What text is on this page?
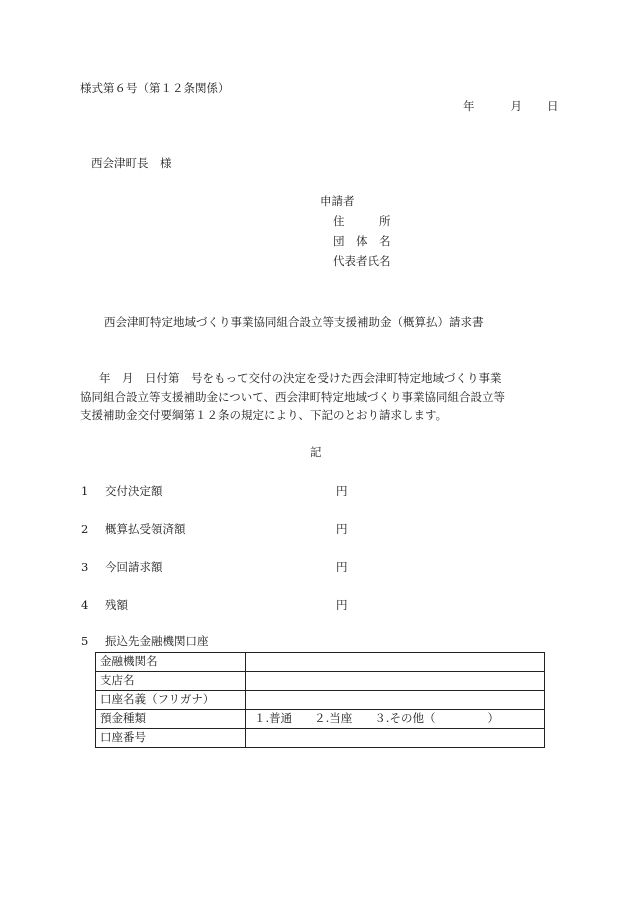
様式第６号（第１２条関係）
年	月 日
西会津町長　様
申請者
住　　　所
団　体　名
代表者氏名
西会津町特定地域づくり事業協同組合設立等支援補助金（概算払）請求書
年　月　日付第　号をもって交付の決定を受けた西会津町特定地域づくり事業
協同組合設立等支援補助金について、西会津町特定地域づくり事業協同組合設立等
支援補助金交付要綱第１２条の規定により、下記のとおり請求します。
記
1 交付決定額	円
2 概算払受領済額	円
3 今回請求額	円
4 残額	円
5 振込先金融機関口座
金融機関名	
支店名	
口座名義（フリガナ）	
預金種類	１.普通 ２.当座 ３.その他（ ）
口座番号	
